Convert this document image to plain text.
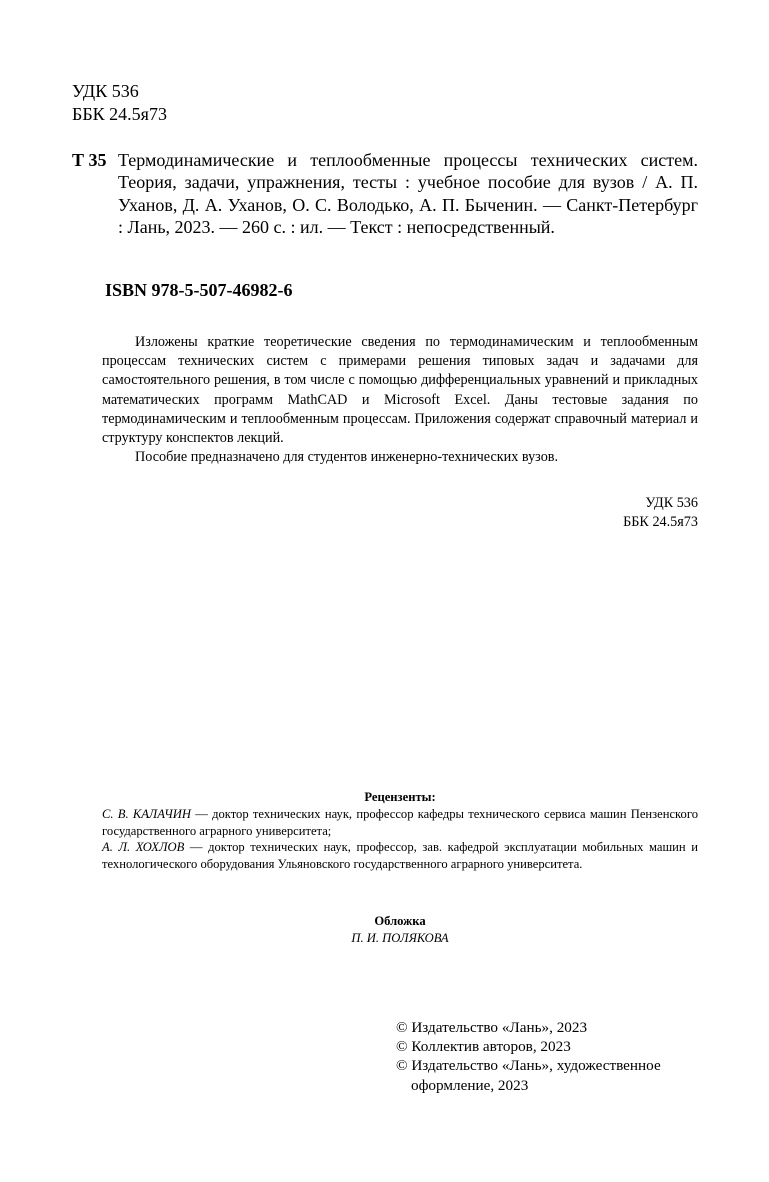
УДК 536
ББК 24.5я73
Т 35 Термодинамические и теплообменные процессы технических систем. Теория, задачи, упражнения, тесты : учебное пособие для вузов / А. П. Уханов, Д. А. Уханов, О. С. Володько, А. П. Быченин. — Санкт-Петербург : Лань, 2023. — 260 с. : ил. — Текст : непосредственный.
ISBN 978-5-507-46982-6

Изложены краткие теоретические сведения по термодинамическим и теплообменным процессам технических систем с примерами решения типовых задач и задачами для самостоятельного решения, в том числе с помощью дифференциальных уравнений и прикладных математических программ MathCAD и Microsoft Excel. Даны тестовые задания по термодинамическим и теплообменным процессам. Приложения содержат справочный материал и структуру конспектов лекций.

Пособие предназначено для студентов инженерно-технических вузов.

УДК 536
ББК 24.5я73
Рецензенты:

С. В. КАЛАЧИН — доктор технических наук, профессор кафедры технического сервиса машин Пензенского государственного аграрного университета;

А. Л. ХОХЛОВ — доктор технических наук, профессор, зав. кафедрой эксплуатации мобильных машин и технологического оборудования Ульяновского государственного аграрного университета.

Обложка
П. И. ПОЛЯКОВА
© Издательство «Лань», 2023
© Коллектив авторов, 2023
© Издательство «Лань», художественное оформление, 2023
